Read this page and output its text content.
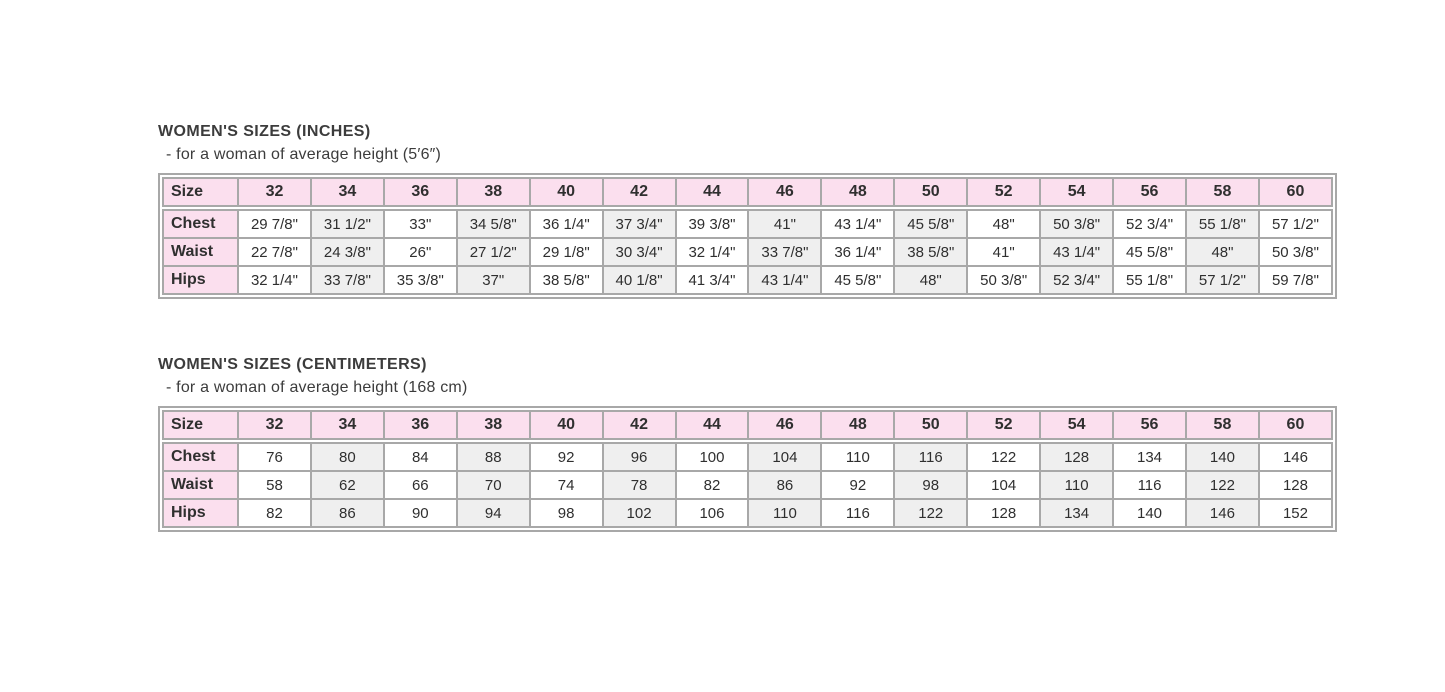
WOMEN'S SIZES (INCHES)
- for a woman of average height (5′6″)
Size	32	34	36	38	40	42	44	46	48	50	52	54	56	58	60
Chest	29 7/8"	31 1/2"	33"	34 5/8"	36 1/4"	37 3/4"	39 3/8"	41"	43 1/4"	45 5/8"	48"	50 3/8"	52 3/4"	55 1/8"	57 1/2"
Waist	22 7/8"	24 3/8"	26"	27 1/2"	29 1/8"	30 3/4"	32 1/4"	33 7/8"	36 1/4"	38 5/8"	41"	43 1/4"	45 5/8"	48"	50 3/8"
Hips	32 1/4"	33 7/8"	35 3/8"	37"	38 5/8"	40 1/8"	41 3/4"	43 1/4"	45 5/8"	48"	50 3/8"	52 3/4"	55 1/8"	57 1/2"	59 7/8"
WOMEN'S SIZES (CENTIMETERS)
- for a woman of average height (168 cm)
Size	32	34	36	38	40	42	44	46	48	50	52	54	56	58	60
Chest	76	80	84	88	92	96	100	104	110	116	122	128	134	140	146
Waist	58	62	66	70	74	78	82	86	92	98	104	110	116	122	128
Hips	82	86	90	94	98	102	106	110	116	122	128	134	140	146	152
